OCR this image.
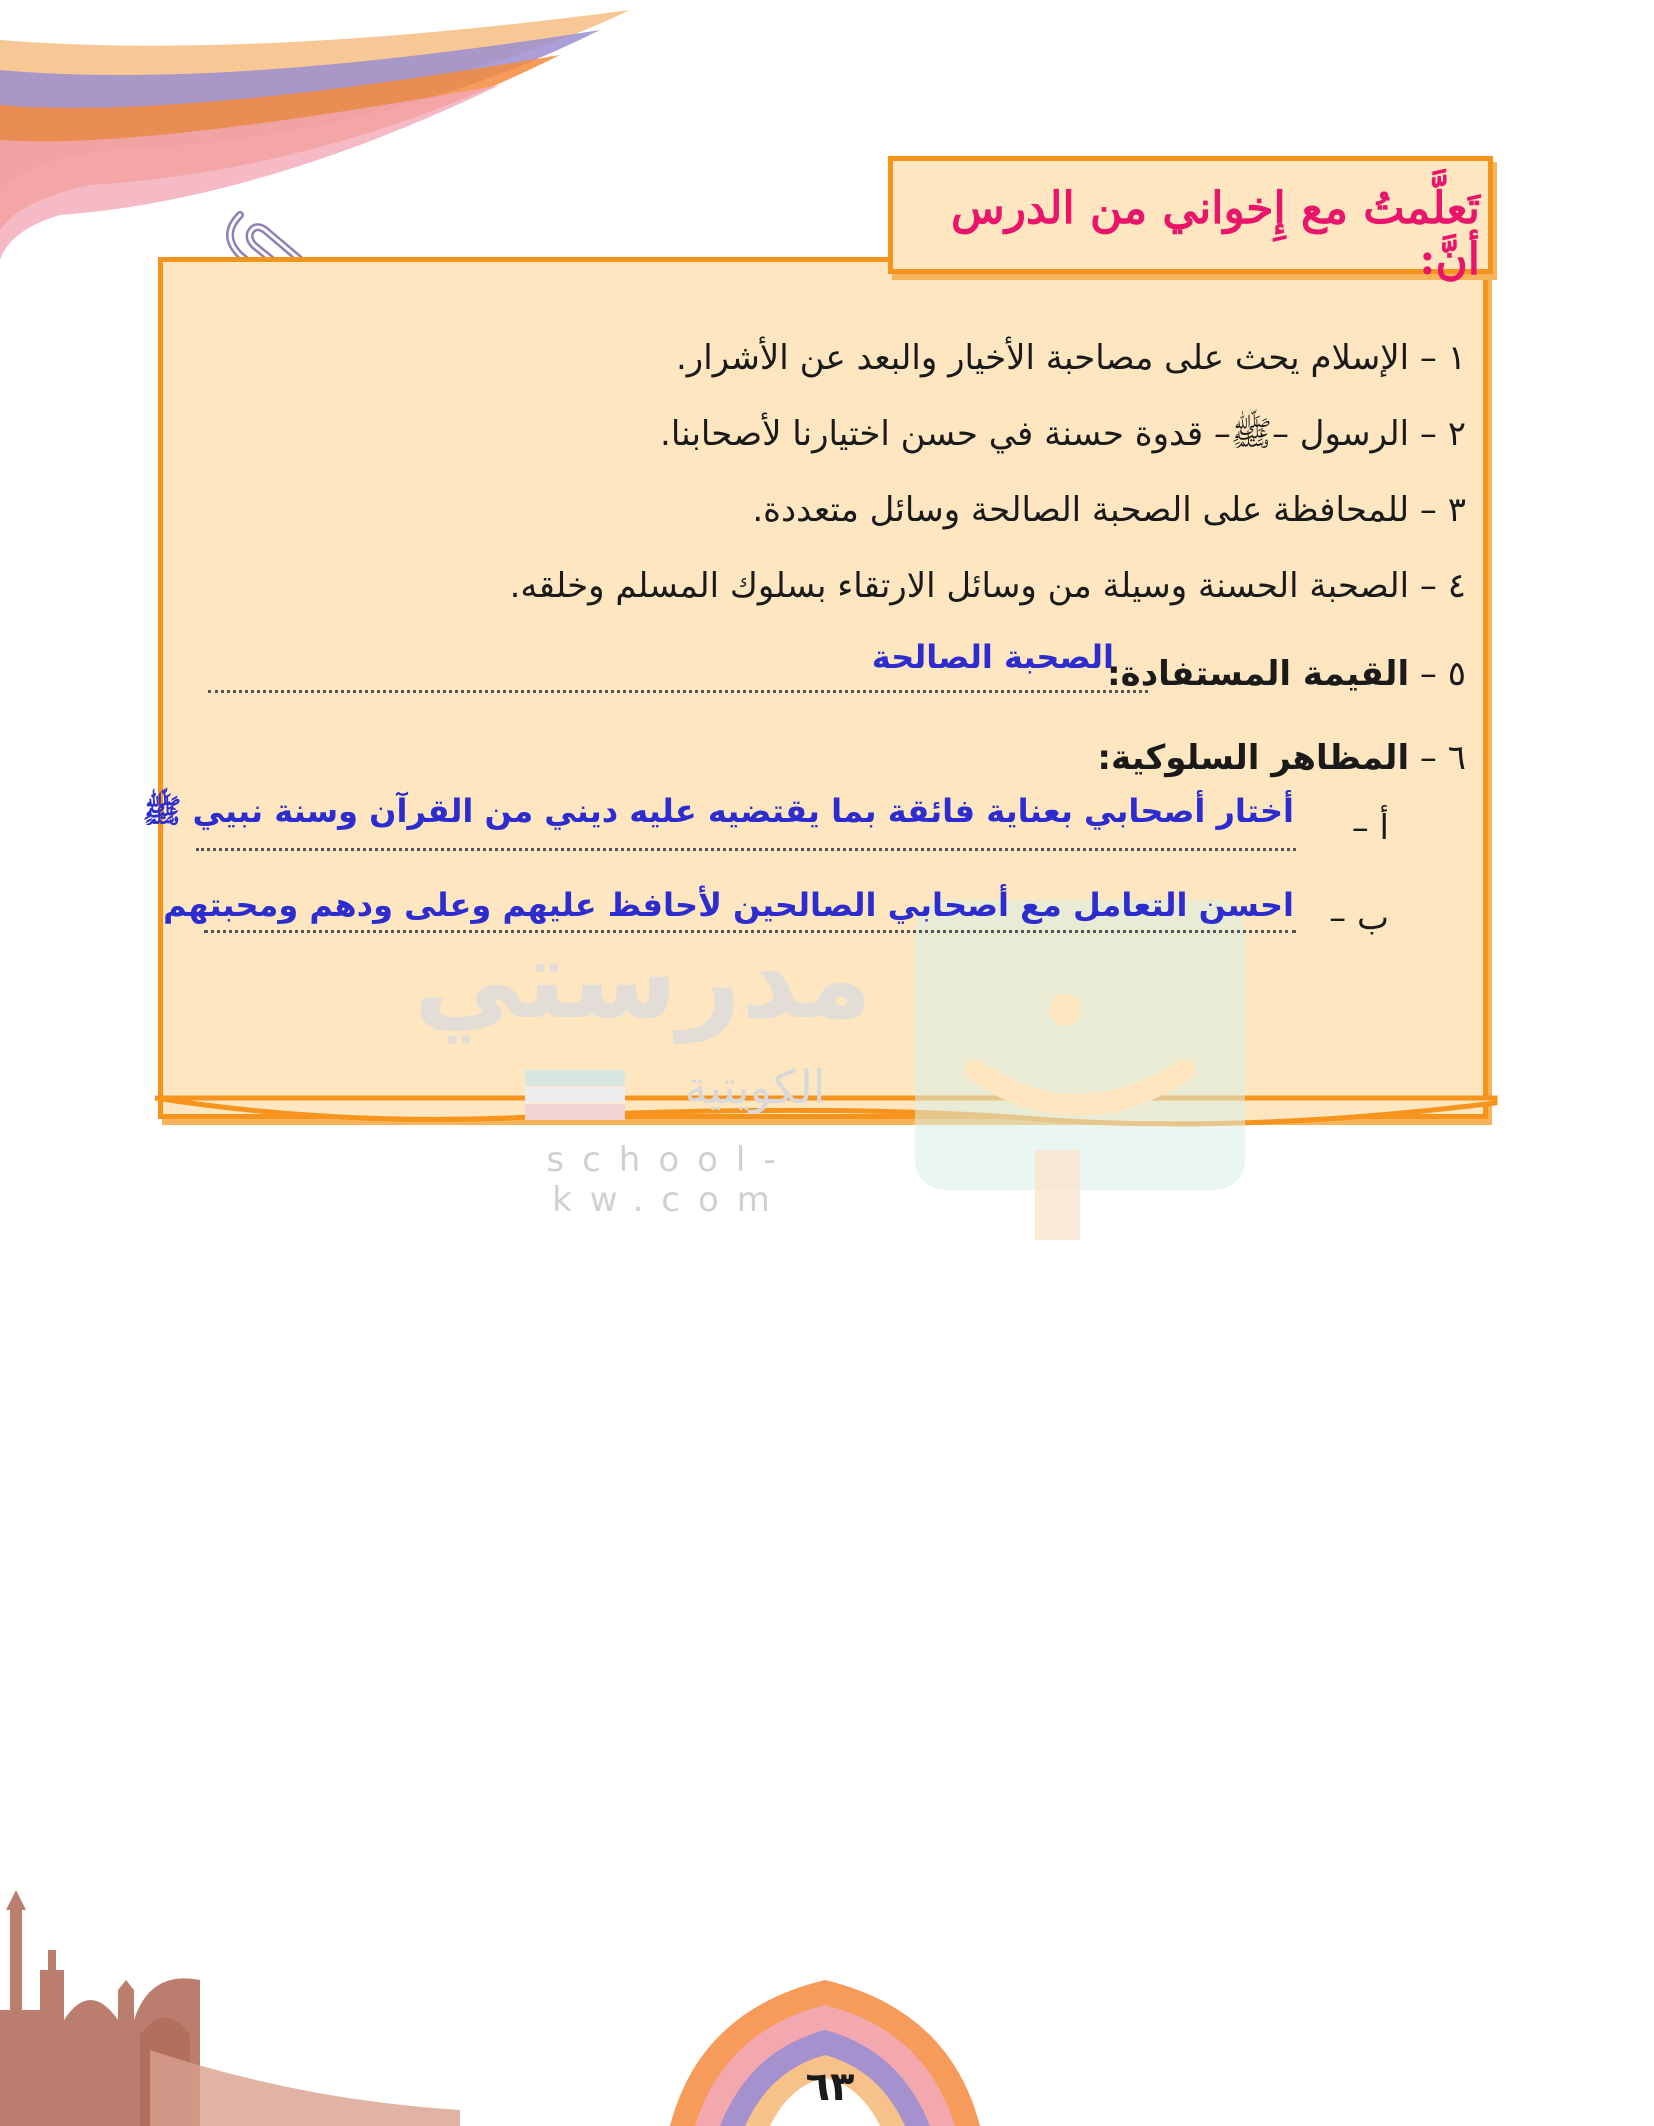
تَعلَّمتُ مع إِخواني من الدرس أنَّ:
مدرستي
الكويتية
school-kw.com
١ – الإسلام يحث على مصاحبة الأخيار والبعد عن الأشرار.
٢ – الرسول –ﷺ– قدوة حسنة في حسن اختيارنا لأصحابنا.
٣ – للمحافظة على الصحبة الصالحة وسائل متعددة.
٤ – الصحبة الحسنة وسيلة من وسائل الارتقاء بسلوك المسلم وخلقه.
٥ – القيمة المستفادة:
الصحبة الصالحة
٦ – المظاهر السلوكية:
أ –
أختار أصحابي بعناية فائقة بما يقتضيه عليه ديني من القرآن وسنة نبيي ﷺ
ب –
احسن التعامل مع أصحابي الصالحين لأحافظ عليهم وعلى ودهم ومحبتهم
٦٣
